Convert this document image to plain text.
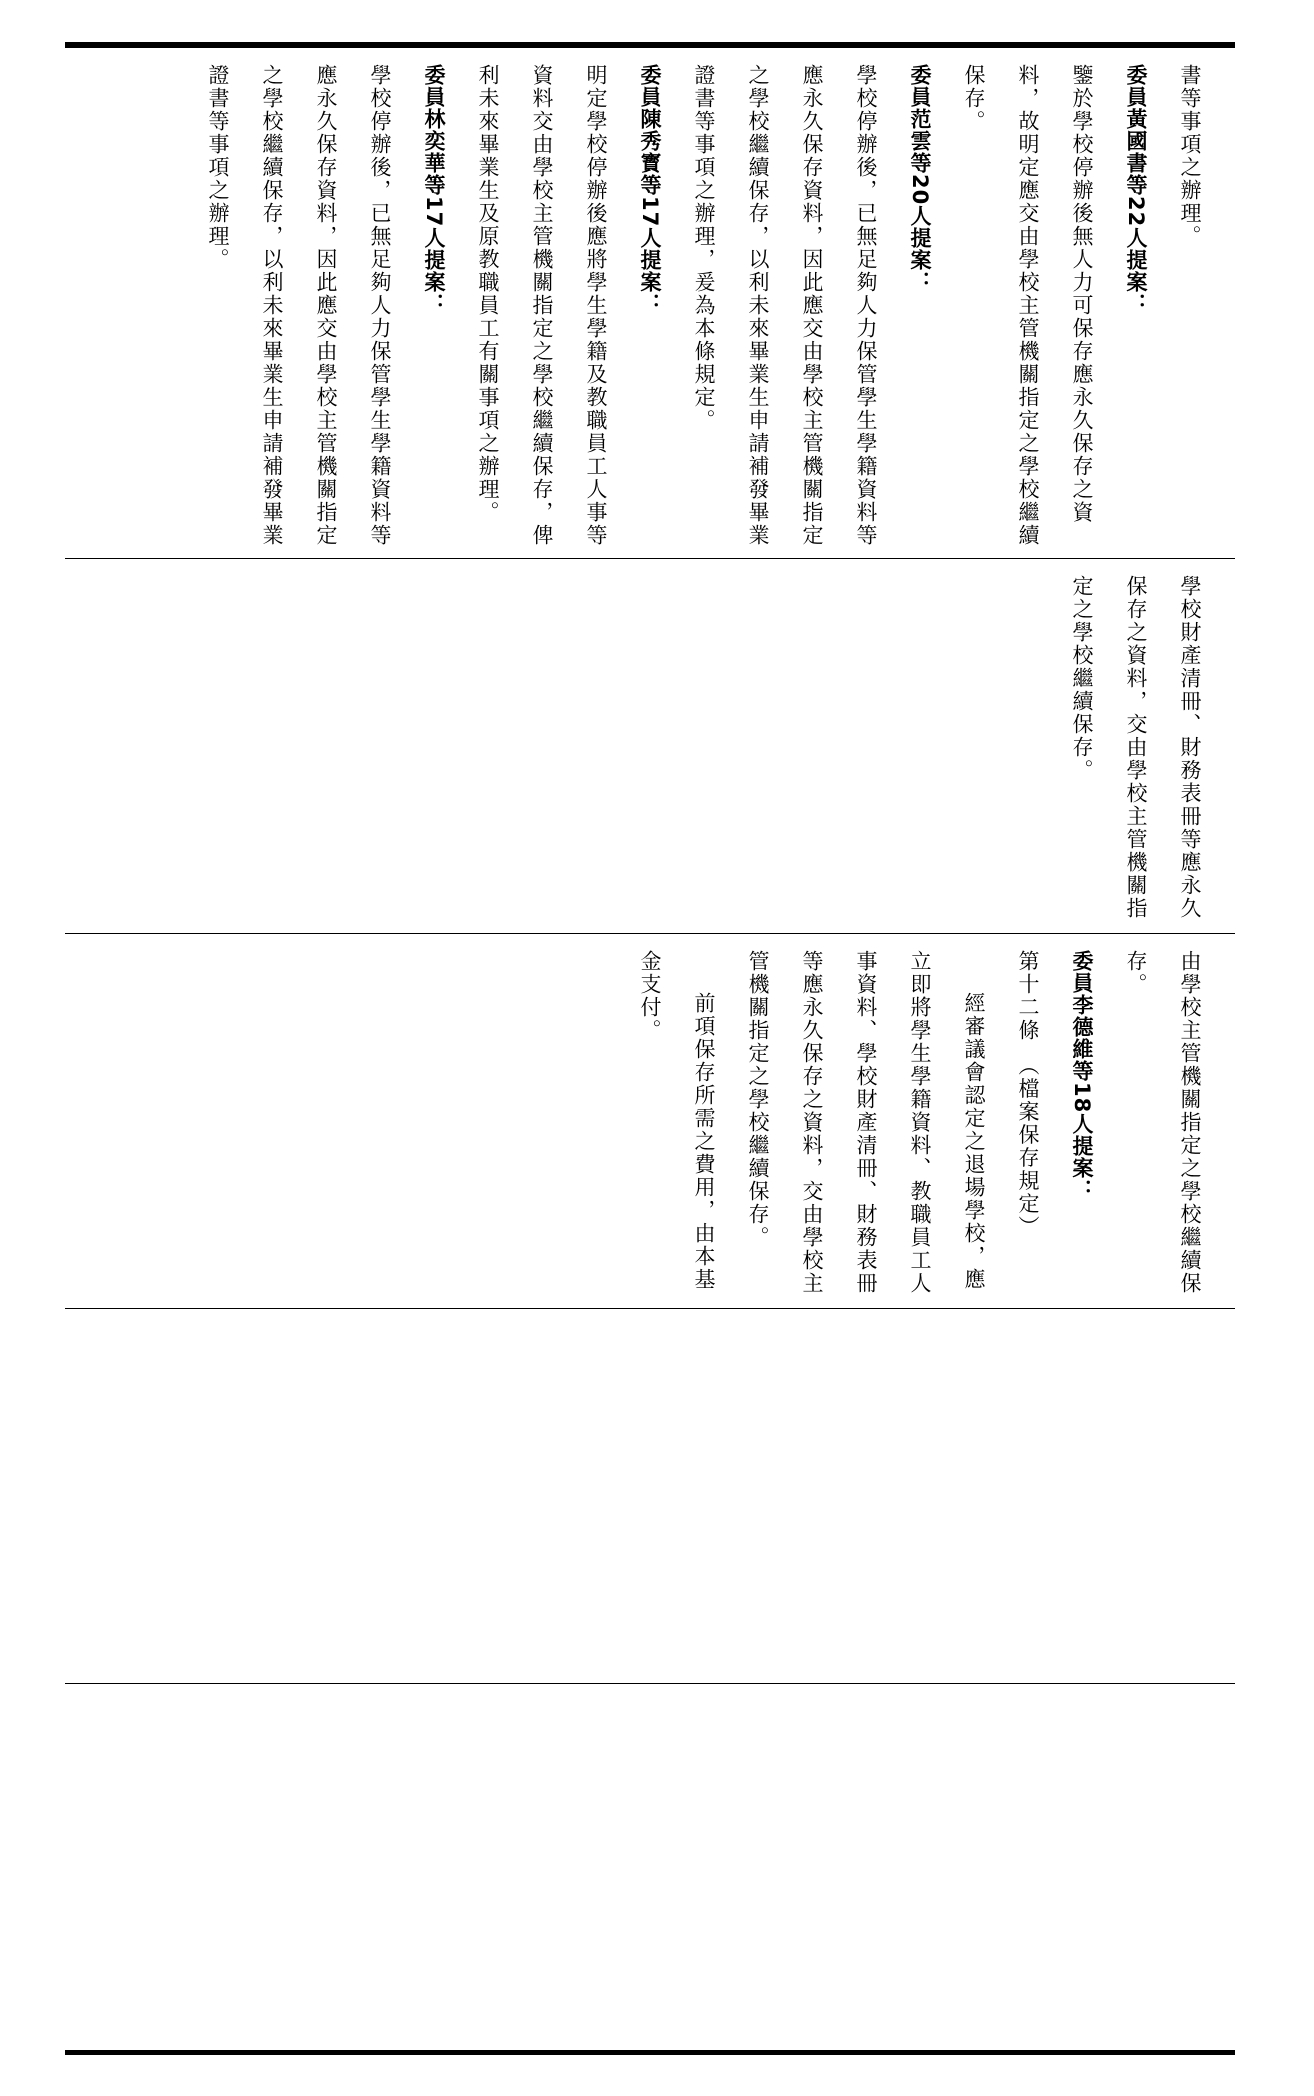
書等事項之辦理。

委員黃國書等22人提案：

鑒於學校停辦後無人力可保存應永久保存之資料，故明定應交由學校主管機關指定之學校繼續保存。

委員范雲等20人提案：

學校停辦後，已無足夠人力保管學生學籍資料等應永久保存資料，因此應交由學校主管機關指定之學校繼續保存，以利未來畢業生申請補發畢業證書等事項之辦理，爰為本條規定。

委員陳秀寳等17人提案：

明定學校停辦後應將學生學籍及教職員工人事等資料交由學校主管機關指定之學校繼續保存，俾利未來畢業生及原教職員工有關事項之辦理。

委員林奕華等17人提案：

學校停辦後，已無足夠人力保管學生學籍資料等應永久保存資料，因此應交由學校主管機關指定之學校繼續保存，以利未來畢業生申請補發畢業證書等事項之辦理。

學校財產清冊、財務表冊等應永久保存之資料，交由學校主管機關指定之學校繼續保存。

由學校主管機關指定之學校繼續保存。

委員李德維等18人提案：

第十二條　（檔案保存規定）

經審議會認定之退場學校，應立即將學生學籍資料、教職員工人事資料、學校財產清冊、財務表冊等應永久保存之資料，交由學校主管機關指定之學校繼續保存。

前項保存所需之費用，由本基金支付。
